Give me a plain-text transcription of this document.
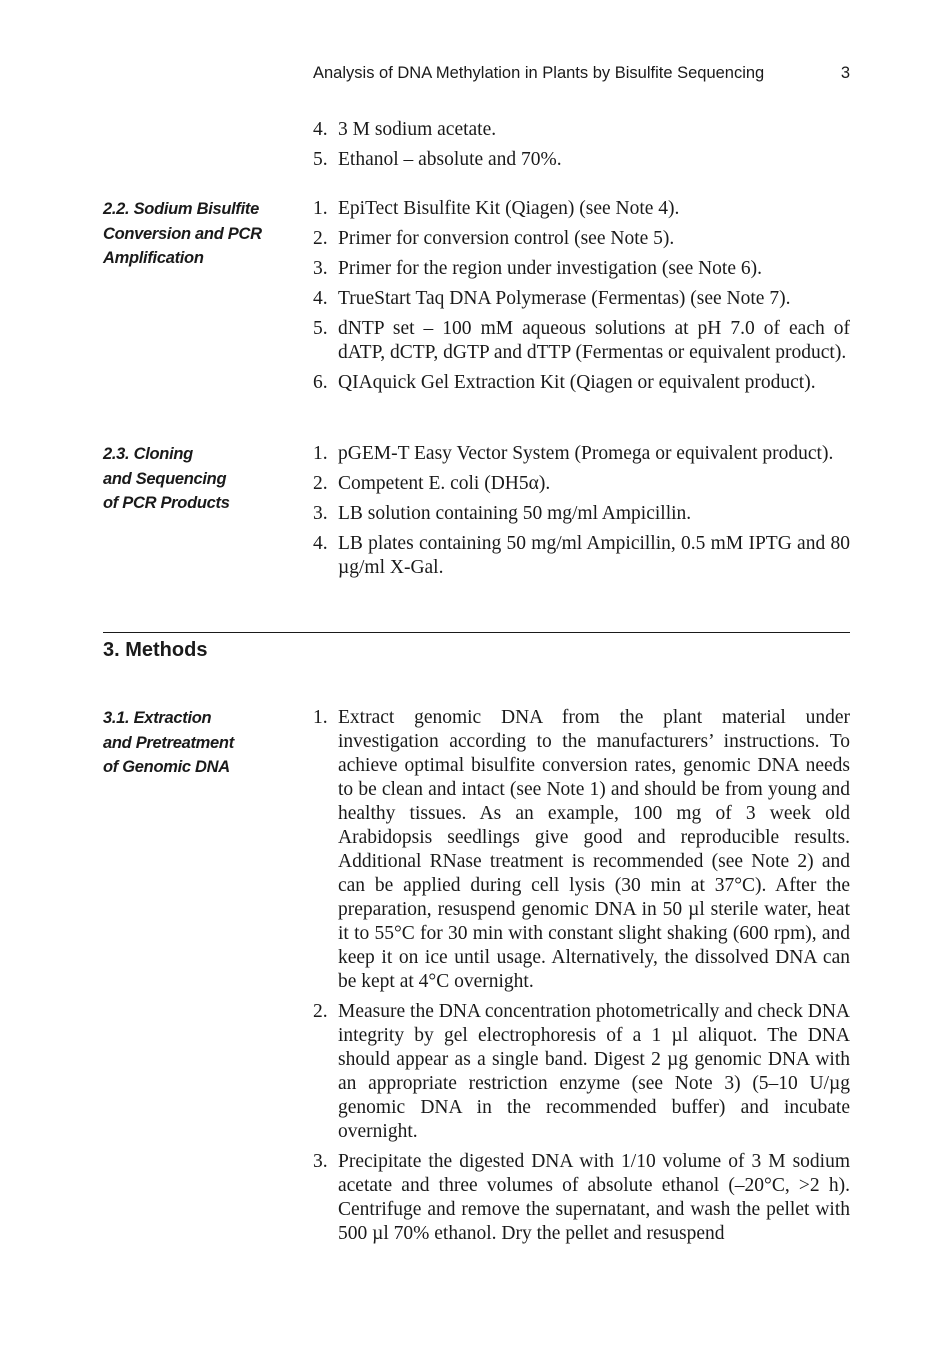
Analysis of DNA Methylation in Plants by Bisulfite Sequencing	3
4. 3 M sodium acetate.
5. Ethanol – absolute and 70%.
2.2. Sodium Bisulfite
Conversion and PCR
Amplification
1. EpiTect Bisulfite Kit (Qiagen) (see Note 4).
2. Primer for conversion control (see Note 5).
3. Primer for the region under investigation (see Note 6).
4. TrueStart Taq DNA Polymerase (Fermentas) (see Note 7).
5. dNTP set – 100 mM aqueous solutions at pH 7.0 of each of dATP, dCTP, dGTP and dTTP (Fermentas or equivalent product).
6. QIAquick Gel Extraction Kit (Qiagen or equivalent product).
2.3. Cloning
and Sequencing
of PCR Products
1. pGEM-T Easy Vector System (Promega or equivalent product).
2. Competent E. coli (DH5α).
3. LB solution containing 50 mg/ml Ampicillin.
4. LB plates containing 50 mg/ml Ampicillin, 0.5 mM IPTG and 80 µg/ml X-Gal.
3. Methods
3.1. Extraction
and Pretreatment
of Genomic DNA
1. Extract genomic DNA from the plant material under investigation according to the manufacturers’ instructions. To achieve optimal bisulfite conversion rates, genomic DNA needs to be clean and intact (see Note 1) and should be from young and healthy tissues. As an example, 100 mg of 3 week old Arabidopsis seedlings give good and reproducible results. Additional RNase treatment is recommended (see Note 2) and can be applied during cell lysis (30 min at 37°C). After the preparation, resuspend genomic DNA in 50 µl sterile water, heat it to 55°C for 30 min with constant slight shaking (600 rpm), and keep it on ice until usage. Alternatively, the dissolved DNA can be kept at 4°C overnight.
2. Measure the DNA concentration photometrically and check DNA integrity by gel electrophoresis of a 1 µl aliquot. The DNA should appear as a single band. Digest 2 µg genomic DNA with an appropriate restriction enzyme (see Note 3) (5–10 U/µg genomic DNA in the recommended buffer) and incubate overnight.
3. Precipitate the digested DNA with 1/10 volume of 3 M sodium acetate and three volumes of absolute ethanol (–20°C, >2 h). Centrifuge and remove the supernatant, and wash the pellet with 500 µl 70% ethanol. Dry the pellet and resuspend
